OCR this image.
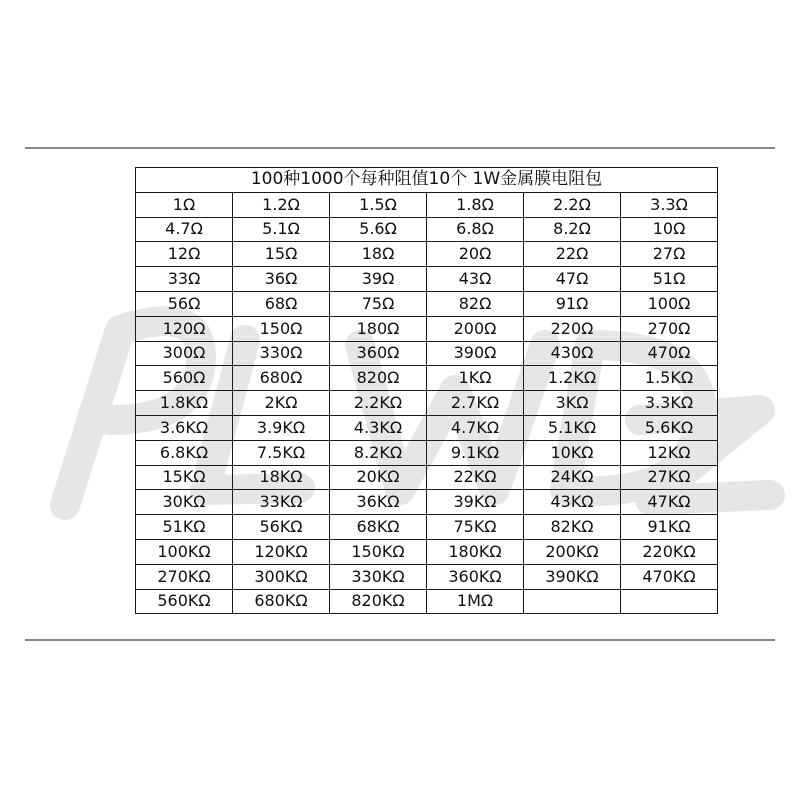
100种1000个每种阻值10个 1W金属膜电阻包					
1Ω	1.2Ω	1.5Ω	1.8Ω	2.2Ω	3.3Ω
4.7Ω	5.1Ω	5.6Ω	6.8Ω	8.2Ω	10Ω
12Ω	15Ω	18Ω	20Ω	22Ω	27Ω
33Ω	36Ω	39Ω	43Ω	47Ω	51Ω
56Ω	68Ω	75Ω	82Ω	91Ω	100Ω
120Ω	150Ω	180Ω	200Ω	220Ω	270Ω
300Ω	330Ω	360Ω	390Ω	430Ω	470Ω
560Ω	680Ω	820Ω	1KΩ	1.2KΩ	1.5KΩ
1.8KΩ	2KΩ	2.2KΩ	2.7KΩ	3KΩ	3.3KΩ
3.6KΩ	3.9KΩ	4.3KΩ	4.7KΩ	5.1KΩ	5.6KΩ
6.8KΩ	7.5KΩ	8.2KΩ	9.1KΩ	10KΩ	12KΩ
15KΩ	18KΩ	20KΩ	22KΩ	24KΩ	27KΩ
30KΩ	33KΩ	36KΩ	39KΩ	43KΩ	47KΩ
51KΩ	56KΩ	68KΩ	75KΩ	82KΩ	91KΩ
100KΩ	120KΩ	150KΩ	180KΩ	200KΩ	220KΩ
270KΩ	300KΩ	330KΩ	360KΩ	390KΩ	470KΩ
560KΩ	680KΩ	820KΩ	1MΩ		
